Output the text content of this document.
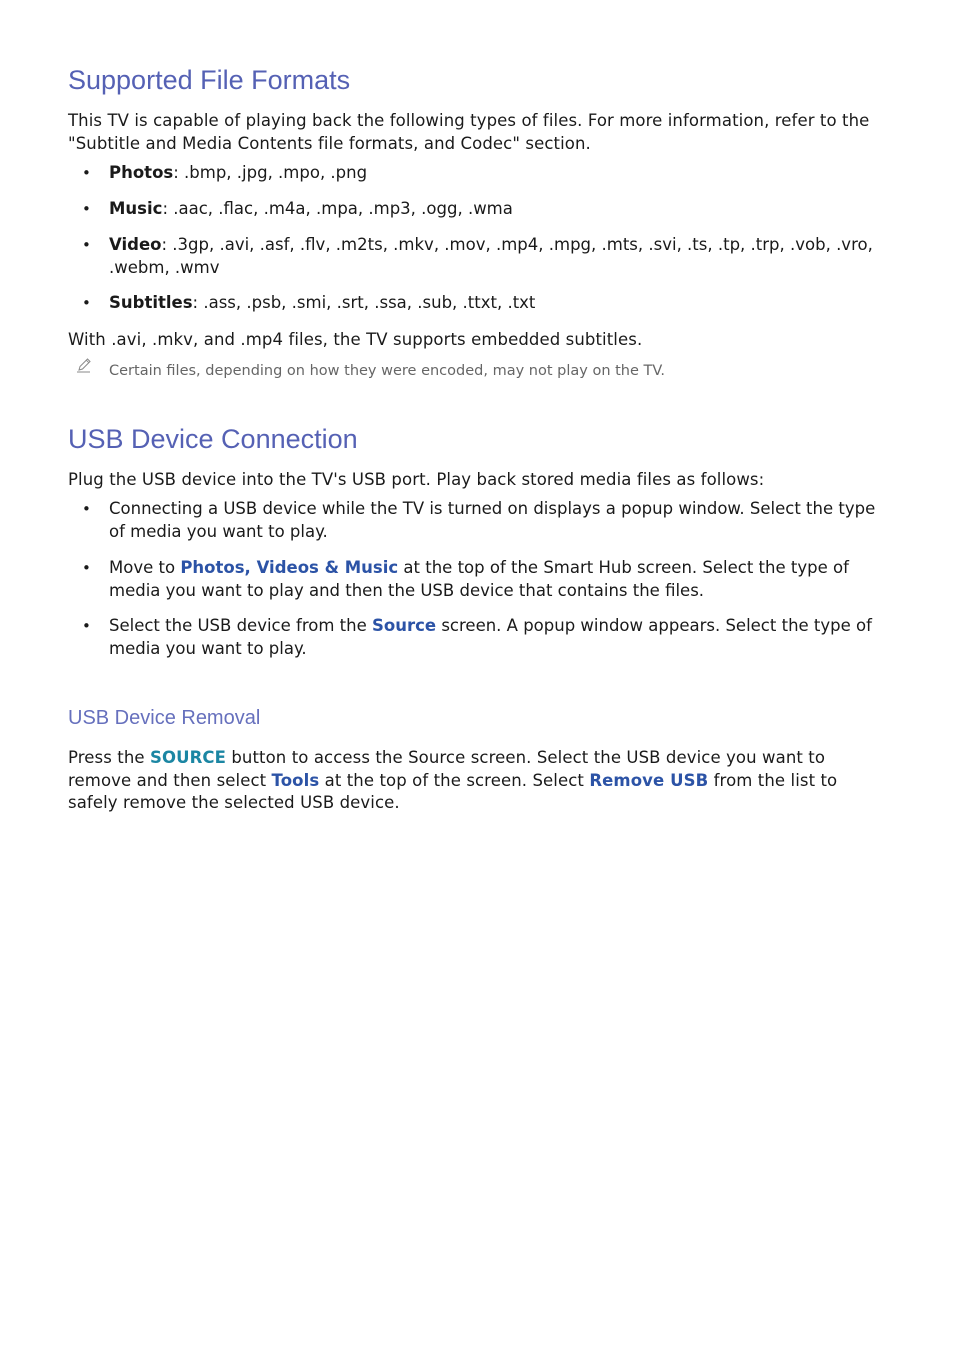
Supported File Formats
This TV is capable of playing back the following types of files. For more information, refer to the "Subtitle and Media Contents file formats, and Codec" section.
• Photos: .bmp, .jpg, .mpo, .png
• Music: .aac, .flac, .m4a, .mpa, .mp3, .ogg, .wma
• Video: .3gp, .avi, .asf, .flv, .m2ts, .mkv, .mov, .mp4, .mpg, .mts, .svi, .ts, .tp, .trp, .vob, .vro, .webm, .wmv
• Subtitles: .ass, .psb, .smi, .srt, .ssa, .sub, .ttxt, .txt
With .avi, .mkv, and .mp4 files, the TV supports embedded subtitles.
Certain files, depending on how they were encoded, may not play on the TV.
USB Device Connection
Plug the USB device into the TV's USB port. Play back stored media files as follows:
• Connecting a USB device while the TV is turned on displays a popup window. Select the type of media you want to play.
• Move to Photos, Videos & Music at the top of the Smart Hub screen. Select the type of media you want to play and then the USB device that contains the files.
• Select the USB device from the Source screen. A popup window appears. Select the type of media you want to play.
USB Device Removal
Press the SOURCE button to access the Source screen. Select the USB device you want to remove and then select Tools at the top of the screen. Select Remove USB from the list to safely remove the selected USB device.
